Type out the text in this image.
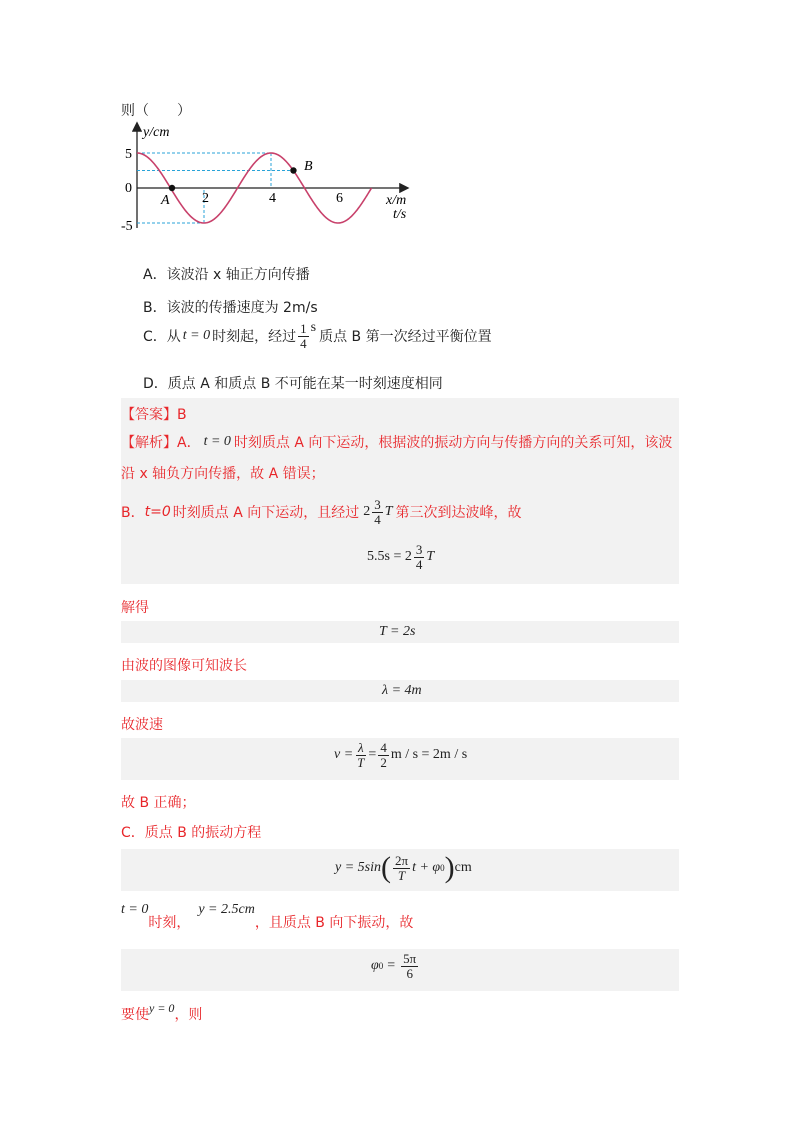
则（　　）
y/cm
x/m
t/s
5
0
-5
2	4	6
A
B
A．该波沿 x 轴正方向传播
B．该波的传播速度为 2m/s
C． 从 t = 0 时刻起，经过 $\frac{1}{4}$ s
质点 B 第一次经过平衡位置
D．质点 A 和质点 B 不可能在某一时刻速度相同
【答案】B
【解析】A． t = 0 时刻质点 A 向下运动，根据波的振动方向与传播方向的关系可知，该波
沿 x 轴负方向传播，故 A 错误；
B． t=0 时刻质点 A 向下运动，且经过 $2 \frac{3}{4}$ T 第三次到达波峰，故
$5.5s = 2 \frac{3}{4}$ T
解得
T = 2s
由波的图像可知波长
λ = 4m
故波速
$v = \frac{\lambda}{T} = \frac{4}{2}$ m / s = 2m / s
故 B 正确；
C．质点 B 的振动方程
y = 5sin ( $\frac{2\pi}{T}$ t + φ 0 ) cm
t = 0
时刻，
y = 2.5cm
，且质点 B 向下振动，故
φ $0 = \frac{5\pi}{6}$
要使 y = 0 ，则
